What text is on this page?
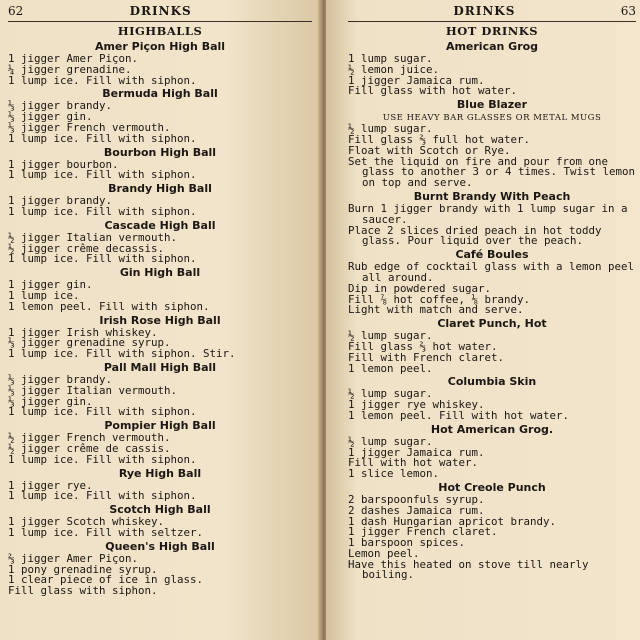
62	DRINKS
HIGHBALLS
Amer Piçon High Ball
1 jigger Amer Piçon.
¼ jigger grenadine.
1 lump ice. Fill with siphon.
Bermuda High Ball
⅓ jigger brandy.
⅓ jigger gin.
⅓ jigger French vermouth.
1 lump ice. Fill with siphon.
Bourbon High Ball
1 jigger bourbon.
1 lump ice. Fill with siphon.
Brandy High Ball
1 jigger brandy.
1 lump ice. Fill with siphon.
Cascade High Ball
½ jigger Italian vermouth.
½ jigger crême decassis.
1 lump ice. Fill with siphon.
Gin High Ball
1 jigger gin.
1 lump ice.
1 lemon peel. Fill with siphon.
Irish Rose High Ball
1 jigger Irish whiskey.
⅓ jigger grenadine syrup.
1 lump ice. Fill with siphon. Stir.
Pall Mall High Ball
⅓ jigger brandy.
⅓ jigger Italian vermouth.
⅓ jigger gin.
1 lump ice. Fill with siphon.
Pompier High Ball
½ jigger French vermouth.
½ jigger crême de cassis.
1 lump ice. Fill with siphon.
Rye High Ball
1 jigger rye.
1 lump ice. Fill with siphon.
Scotch High Ball
1 jigger Scotch whiskey.
1 lump ice. Fill with seltzer.
Queen's High Ball
⅔ jigger Amer Piçon.
1 pony grenadine syrup.
1 clear piece of ice in glass.
Fill glass with siphon.
DRINKS	63
HOT DRINKS
American Grog
1 lump sugar.
½ lemon juice.
1 jigger Jamaica rum.
Fill glass with hot water.
Blue Blazer
USE HEAVY BAR GLASSES OR METAL MUGS
½ lump sugar.
Fill glass ⅔ full hot water.
Float with Scotch or Rye.
Set the liquid on fire and pour from one glass to another 3 or 4 times. Twist lemon on top and serve.
Burnt Brandy With Peach
Burn 1 jigger brandy with 1 lump sugar in a saucer.
Place 2 slices dried peach in hot toddy glass. Pour liquid over the peach.
Café Boules
Rub edge of cocktail glass with a lemon peel all around.
Dip in powdered sugar.
Fill ⅞ hot coffee, ⅛ brandy.
Light with match and serve.
Claret Punch, Hot
½ lump sugar.
Fill glass ⅔ hot water.
Fill with French claret.
1 lemon peel.
Columbia Skin
½ lump sugar.
1 jigger rye whiskey.
1 lemon peel. Fill with hot water.
Hot American Grog.
½ lump sugar.
1 jigger Jamaica rum.
Fill with hot water.
1 slice lemon.
Hot Creole Punch
2 barspoonfuls syrup.
2 dashes Jamaica rum.
1 dash Hungarian apricot brandy.
1 jigger French claret.
1 barspoon spices.
Lemon peel.
Have this heated on stove till nearly boiling.
